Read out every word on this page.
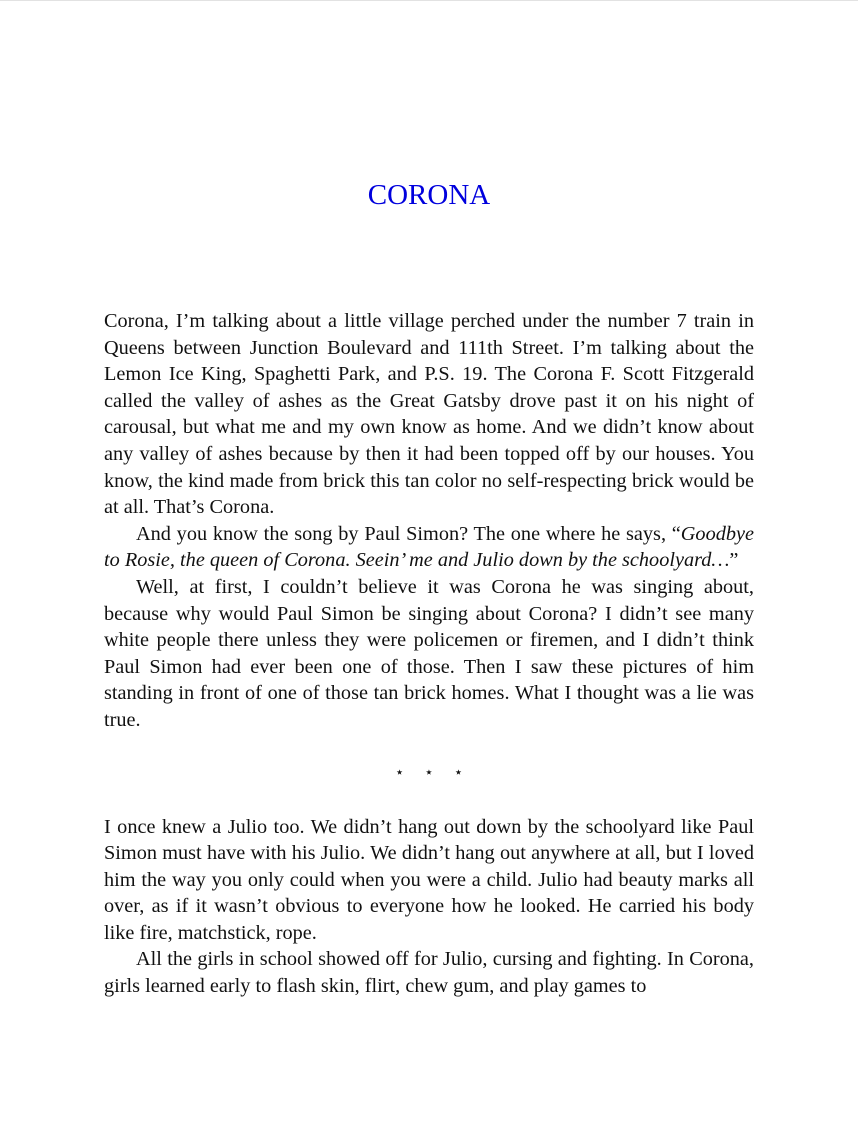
CORONA

Corona, I’m talking about a little village perched under the number 7 train in Queens between Junction Boulevard and 111th Street. I’m talking about the Lemon Ice King, Spaghetti Park, and P.S. 19. The Corona F. Scott Fitzgerald called the valley of ashes as the Great Gatsby drove past it on his night of carousal, but what me and my own know as home. And we didn’t know about any valley of ashes because by then it had been topped off by our houses. You know, the kind made from brick this tan color no self-respecting brick would be at all. That’s Corona.

And you know the song by Paul Simon? The one where he says, “Goodbye to Rosie, the queen of Corona. Seein’ me and Julio down by the schoolyard…”

Well, at first, I couldn’t believe it was Corona he was singing about, because why would Paul Simon be singing about Corona? I didn’t see many white people there unless they were policemen or firemen, and I didn’t think Paul Simon had ever been one of those. Then I saw these pictures of him standing in front of one of those tan brick homes. What I thought was a lie was true.

⋆ ⋆ ⋆

I once knew a Julio too. We didn’t hang out down by the schoolyard like Paul Simon must have with his Julio. We didn’t hang out anywhere at all, but I loved him the way you only could when you were a child. Julio had beauty marks all over, as if it wasn’t obvious to everyone how he looked. He carried his body like fire, matchstick, rope.

All the girls in school showed off for Julio, cursing and fighting. In Corona, girls learned early to flash skin, flirt, chew gum, and play games to
